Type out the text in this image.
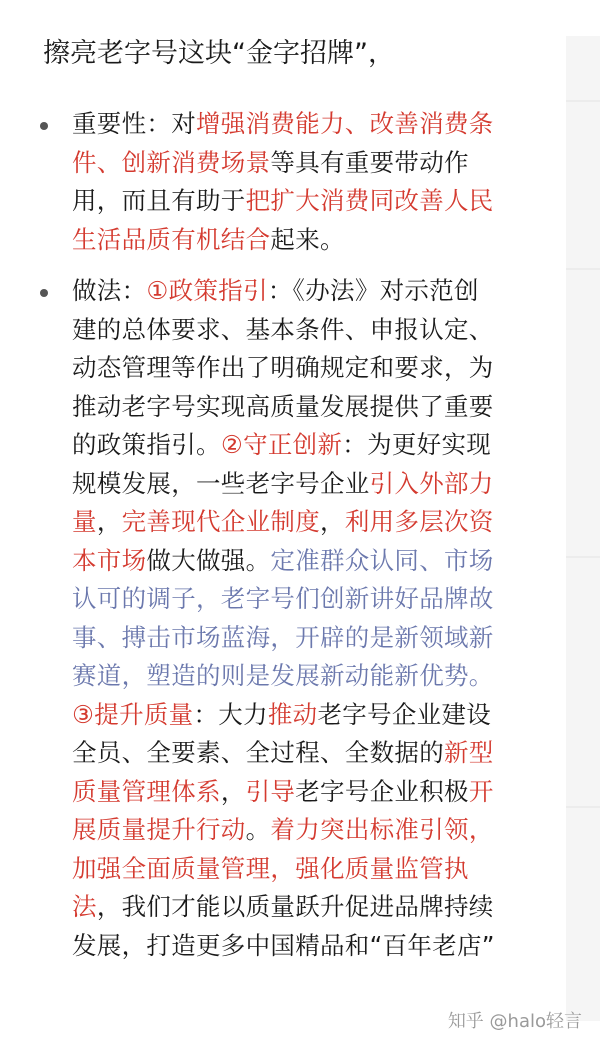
擦亮老字号这块“金字招牌”，
重要性：对增强消费能力、改善消费条
件、创新消费场景等具有重要带动作
用，而且有助于把扩大消费同改善人民
生活品质有机结合起来。
做法：①政策指引：《办法》对示范创
建的总体要求、基本条件、申报认定、
动态管理等作出了明确规定和要求，为
推动老字号实现高质量发展提供了重要
的政策指引。②守正创新：为更好实现
规模发展，一些老字号企业引入外部力
量，完善现代企业制度，利用多层次资
本市场做大做强。定准群众认同、市场
认可的调子，老字号们创新讲好品牌故
事、搏击市场蓝海，开辟的是新领域新
赛道，塑造的则是发展新动能新优势。
③提升质量：大力推动老字号企业建设
全员、全要素、全过程、全数据的新型
质量管理体系，引导老字号企业积极开
展质量提升行动。着力突出标准引领，
加强全面质量管理，强化质量监管执
法，我们才能以质量跃升促进品牌持续
发展，打造更多中国精品和“百年老店”
知乎 @halo轻言
